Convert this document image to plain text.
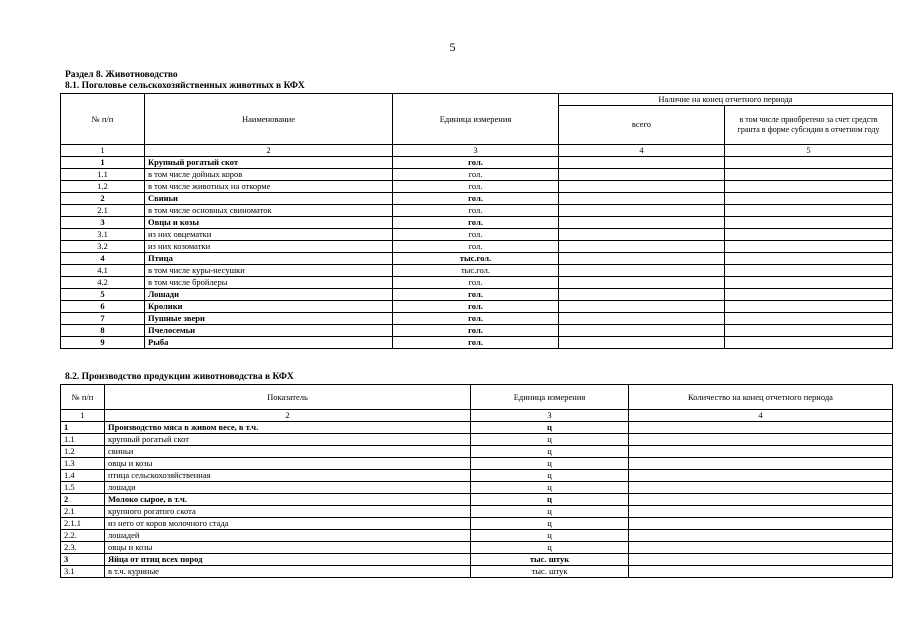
5
Раздел 8. Животноводство
8.1. Поголовье сельскохозяйственных животных в КФХ
№ п/п	Наименование	Единица измерения	Наличие на конец отчетного периода	
			всего	в том числе приобретено за счет средств гранта в форме субсидии в отчетном году
1	2	3	4	5
1	Крупный рогатый скот	гол.		
1.1	в том числе дойных коров	гол.		
1.2	в том числе животных на откорме	гол.		
2	Свиньи	гол.		
2.1	в том числе основных свиноматок	гол.		
3	Овцы и козы	гол.		
3.1	из них овцематки	гол.		
3.2	из них козоматки	гол.		
4	Птица	тыс.гол.		
4.1	в том числе куры-несушки	тыс.гол.		
4.2	в том числе бройлеры	гол.		
5	Лошади	гол.		
6	Кролики	гол.		
7	Пушные звери	гол.		
8	Пчелосемьи	гол.		
9	Рыба	гол.		
8.2. Производство продукции животноводства в КФХ
№ п/п	Показатель	Единица измерения	Количество на конец отчетного периода
1	2	3	4
1	Производство мяса в живом весе, в т.ч.	ц	
1.1	крупный рогатый скот	ц	
1.2	свиньи	ц	
1.3	овцы и козы	ц	
1.4	птица сельскохозяйственная	ц	
1.5	лошади	ц	
2	Молоко сырое, в т.ч.	ц	
2.1	крупного рогатого скота	ц	
2.1.1	из него от коров молочного стада	ц	
2.2.	лошадей	ц	
2.3.	овцы и козы	ц	
3	Яйца от птиц всех пород	тыс. штук	
3.1	в т.ч. куриные	тыс. штук	
